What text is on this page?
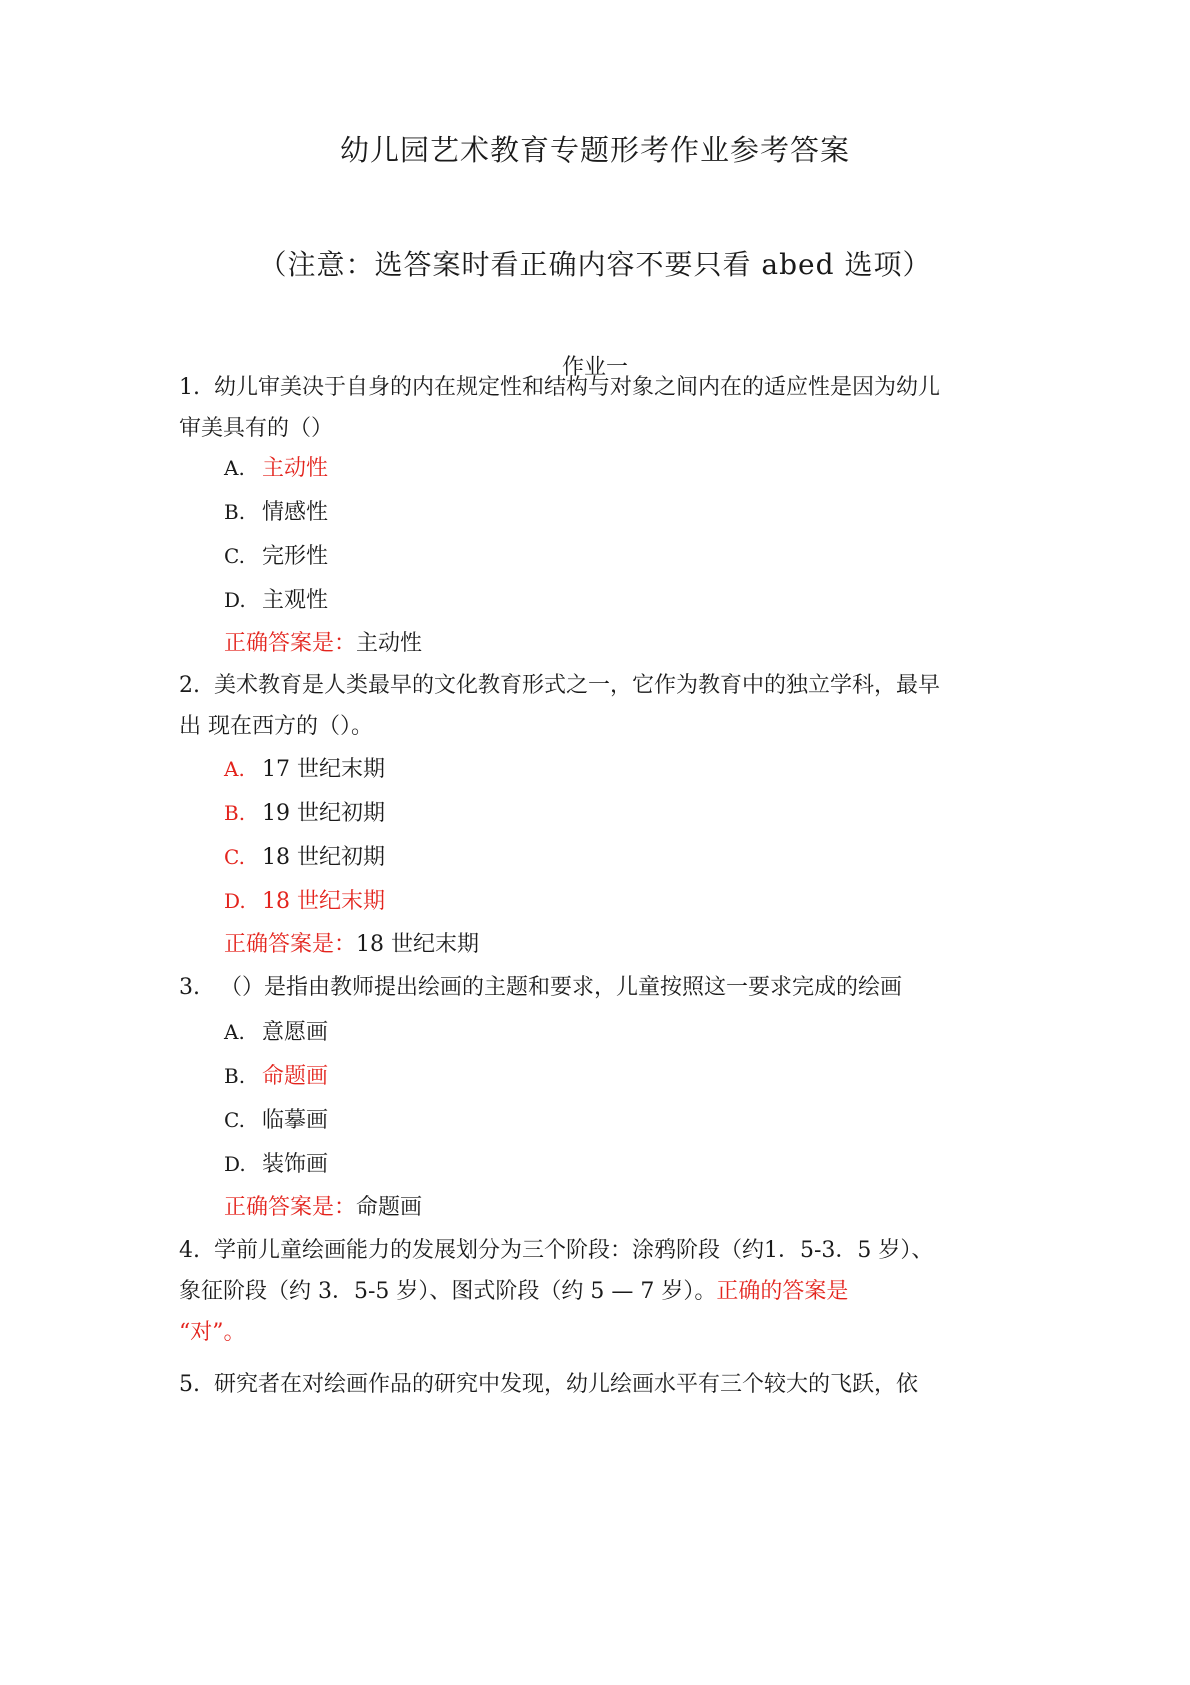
幼儿园艺术教育专题形考作业参考答案
（注意：选答案时看正确内容不要只看 abed 选项）
作业一
1. 幼儿审美决于自身的内在规定性和结构与对象之间内在的适应性是因为幼儿
审美具有的（）
A. 主动性
B. 情感性
C. 完形性
D. 主观性
正确答案是：主动性
2. 美术教育是人类最早的文化教育形式之一，它作为教育中的独立学科，最早
出 现在西方的（）。
A. 17 世纪末期
B. 19 世纪初期
C. 18 世纪初期
D. 18 世纪末期
正确答案是：18 世纪末期
3. （）是指由教师提出绘画的主题和要求，儿童按照这一要求完成的绘画
A. 意愿画
B. 命题画
C. 临摹画
D. 装饰画
正确答案是：命题画
4. 学前儿童绘画能力的发展划分为三个阶段：涂鸦阶段（约1．5-3．5 岁）、
象征阶段（约 3．5-5 岁）、图式阶段（约 5 — 7 岁）。正确的答案是
“对”。
5. 研究者在对绘画作品的研究中发现，幼儿绘画水平有三个较大的飞跃，依
